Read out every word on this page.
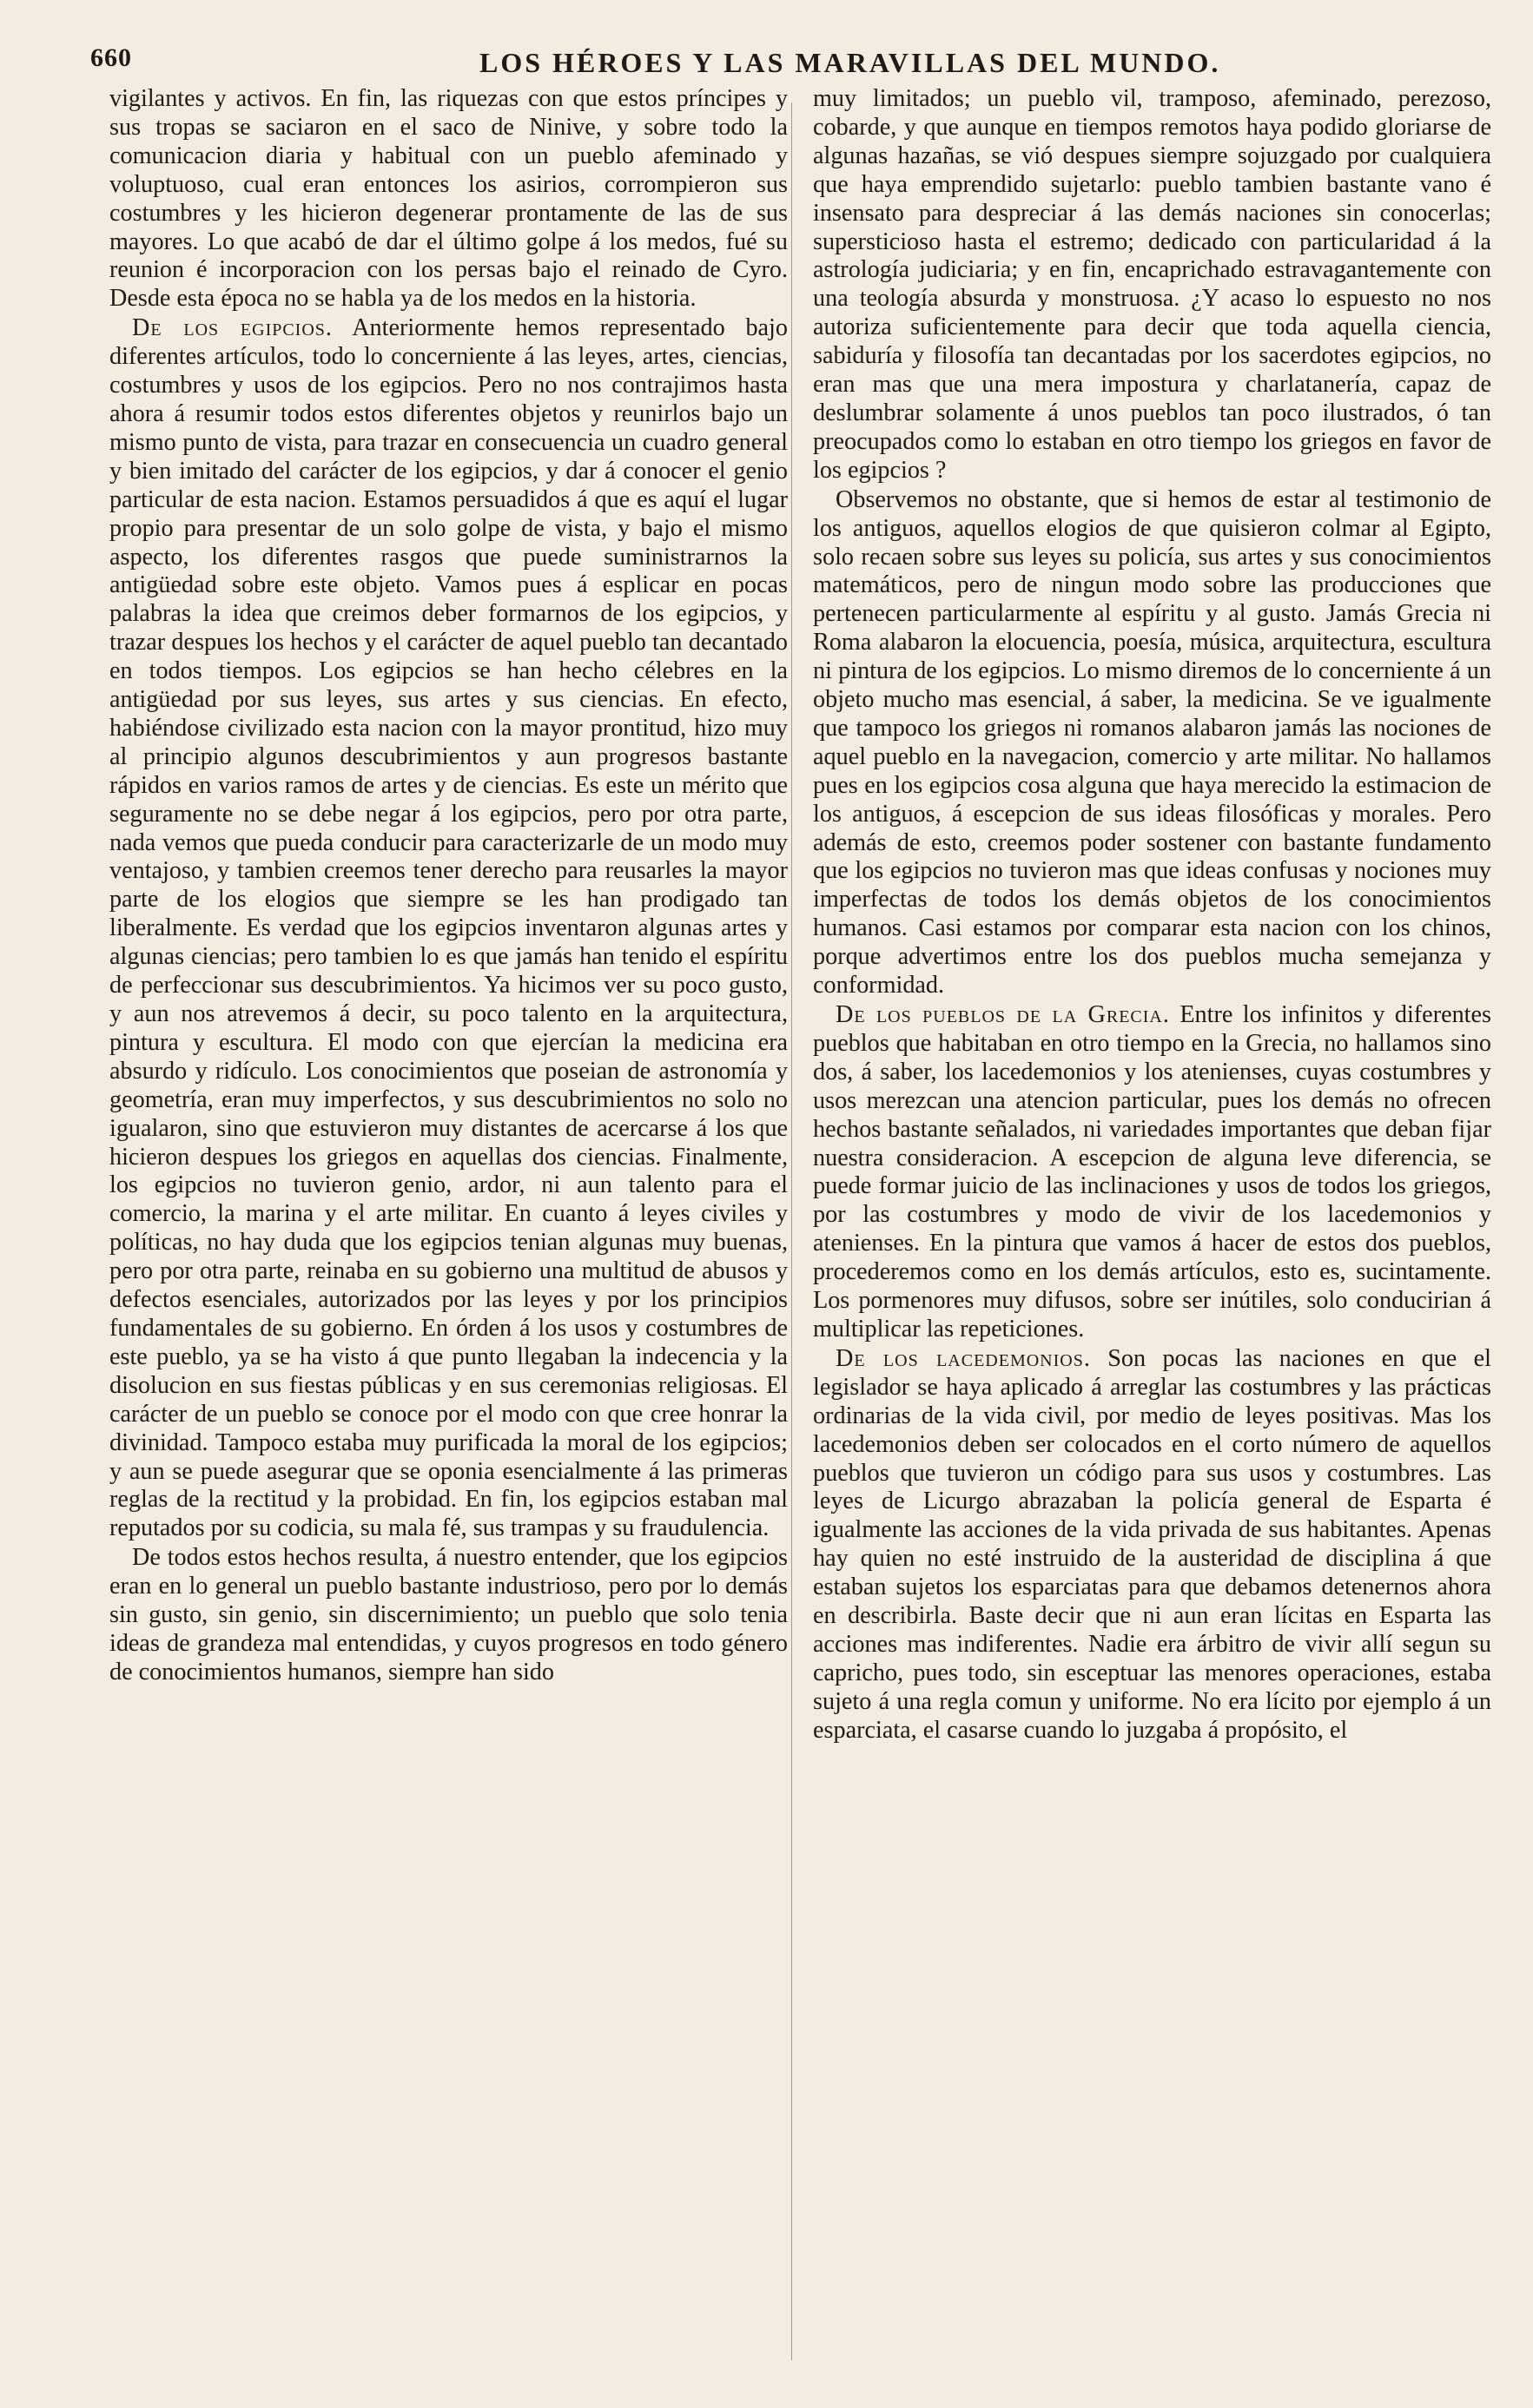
660	LOS HÉROES Y LAS MARAVILLAS DEL MUNDO.

vigilantes y activos. En fin, las riquezas con que estos príncipes y sus tropas se saciaron en el saco de Ninive, y sobre todo la comunicacion diaria y habitual con un pueblo afeminado y voluptuoso, cual eran entonces los asirios, corrompieron sus costumbres y les hicieron degenerar prontamente de las de sus mayores. Lo que acabó de dar el último golpe á los medos, fué su reunion é incorporacion con los persas bajo el reinado de Cyro. Desde esta época no se habla ya de los medos en la historia.

De los egipcios. Anteriormente hemos representado bajo diferentes artículos, todo lo concerniente á las leyes, artes, ciencias, costumbres y usos de los egipcios. Pero no nos contrajimos hasta ahora á resumir todos estos diferentes objetos y reunirlos bajo un mismo punto de vista, para trazar en consecuencia un cuadro general y bien imitado del carácter de los egipcios, y dar á conocer el genio particular de esta nacion. Estamos persuadidos á que es aquí el lugar propio para presentar de un solo golpe de vista, y bajo el mismo aspecto, los diferentes rasgos que puede suministrarnos la antigüedad sobre este objeto. Vamos pues á esplicar en pocas palabras la idea que creimos deber formarnos de los egipcios, y trazar despues los hechos y el carácter de aquel pueblo tan decantado en todos tiempos. Los egipcios se han hecho célebres en la antigüedad por sus leyes, sus artes y sus ciencias. En efecto, habiéndose civilizado esta nacion con la mayor prontitud, hizo muy al principio algunos descubrimientos y aun progresos bastante rápidos en varios ramos de artes y de ciencias. Es este un mérito que seguramente no se debe negar á los egipcios, pero por otra parte, nada vemos que pueda conducir para caracterizarle de un modo muy ventajoso, y tambien creemos tener derecho para reusarles la mayor parte de los elogios que siempre se les han prodigado tan liberalmente. Es verdad que los egipcios inventaron algunas artes y algunas ciencias; pero tambien lo es que jamás han tenido el espíritu de perfeccionar sus descubrimientos. Ya hicimos ver su poco gusto, y aun nos atrevemos á decir, su poco talento en la arquitectura, pintura y escultura. El modo con que ejercían la medicina era absurdo y ridículo. Los conocimientos que poseian de astronomía y geometría, eran muy imperfectos, y sus descubrimientos no solo no igualaron, sino que estuvieron muy distantes de acercarse á los que hicieron despues los griegos en aquellas dos ciencias. Finalmente, los egipcios no tuvieron genio, ardor, ni aun talento para el comercio, la marina y el arte militar. En cuanto á leyes civiles y políticas, no hay duda que los egipcios tenian algunas muy buenas, pero por otra parte, reinaba en su gobierno una multitud de abusos y defectos esenciales, autorizados por las leyes y por los principios fundamentales de su gobierno. En órden á los usos y costumbres de este pueblo, ya se ha visto á que punto llegaban la indecencia y la disolucion en sus fiestas públicas y en sus ceremonias religiosas. El carácter de un pueblo se conoce por el modo con que cree honrar la divinidad. Tampoco estaba muy purificada la moral de los egipcios; y aun se puede asegurar que se oponia esencialmente á las primeras reglas de la rectitud y la probidad. En fin, los egipcios estaban mal reputados por su codicia, su mala fé, sus trampas y su fraudulencia.

De todos estos hechos resulta, á nuestro entender, que los egipcios eran en lo general un pueblo bastante industrioso, pero por lo demás sin gusto, sin genio, sin discernimiento; un pueblo que solo tenia ideas de grandeza mal entendidas, y cuyos progresos en todo género de conocimientos humanos, siempre han sido

muy limitados; un pueblo vil, tramposo, afeminado, perezoso, cobarde, y que aunque en tiempos remotos haya podido gloriarse de algunas hazañas, se vió despues siempre sojuzgado por cualquiera que haya emprendido sujetarlo: pueblo tambien bastante vano é insensato para despreciar á las demás naciones sin conocerlas; supersticioso hasta el estremo; dedicado con particularidad á la astrología judiciaria; y en fin, encaprichado estravagantemente con una teología absurda y monstruosa. ¿Y acaso lo espuesto no nos autoriza suficientemente para decir que toda aquella ciencia, sabiduría y filosofía tan decantadas por los sacerdotes egipcios, no eran mas que una mera impostura y charlatanería, capaz de deslumbrar solamente á unos pueblos tan poco ilustrados, ó tan preocupados como lo estaban en otro tiempo los griegos en favor de los egipcios ?

Observemos no obstante, que si hemos de estar al testimonio de los antiguos, aquellos elogios de que quisieron colmar al Egipto, solo recaen sobre sus leyes su policía, sus artes y sus conocimientos matemáticos, pero de ningun modo sobre las producciones que pertenecen particularmente al espíritu y al gusto. Jamás Grecia ni Roma alabaron la elocuencia, poesía, música, arquitectura, escultura ni pintura de los egipcios. Lo mismo diremos de lo concerniente á un objeto mucho mas esencial, á saber, la medicina. Se ve igualmente que tampoco los griegos ni romanos alabaron jamás las nociones de aquel pueblo en la navegacion, comercio y arte militar. No hallamos pues en los egipcios cosa alguna que haya merecido la estimacion de los antiguos, á escepcion de sus ideas filosóficas y morales. Pero además de esto, creemos poder sostener con bastante fundamento que los egipcios no tuvieron mas que ideas confusas y nociones muy imperfectas de todos los demás objetos de los conocimientos humanos. Casi estamos por comparar esta nacion con los chinos, porque advertimos entre los dos pueblos mucha semejanza y conformidad.

De los pueblos de la Grecia. Entre los infinitos y diferentes pueblos que habitaban en otro tiempo en la Grecia, no hallamos sino dos, á saber, los lacedemonios y los atenienses, cuyas costumbres y usos merezcan una atencion particular, pues los demás no ofrecen hechos bastante señalados, ni variedades importantes que deban fijar nuestra consideracion. A escepcion de alguna leve diferencia, se puede formar juicio de las inclinaciones y usos de todos los griegos, por las costumbres y modo de vivir de los lacedemonios y atenienses. En la pintura que vamos á hacer de estos dos pueblos, procederemos como en los demás artículos, esto es, sucintamente. Los pormenores muy difusos, sobre ser inútiles, solo conducirian á multiplicar las repeticiones.

De los lacedemonios. Son pocas las naciones en que el legislador se haya aplicado á arreglar las costumbres y las prácticas ordinarias de la vida civil, por medio de leyes positivas. Mas los lacedemonios deben ser colocados en el corto número de aquellos pueblos que tuvieron un código para sus usos y costumbres. Las leyes de Licurgo abrazaban la policía general de Esparta é igualmente las acciones de la vida privada de sus habitantes. Apenas hay quien no esté instruido de la austeridad de disciplina á que estaban sujetos los esparciatas para que debamos detenernos ahora en describirla. Baste decir que ni aun eran lícitas en Esparta las acciones mas indiferentes. Nadie era árbitro de vivir allí segun su capricho, pues todo, sin esceptuar las menores operaciones, estaba sujeto á una regla comun y uniforme. No era lícito por ejemplo á un esparciata, el casarse cuando lo juzgaba á propósito, el
